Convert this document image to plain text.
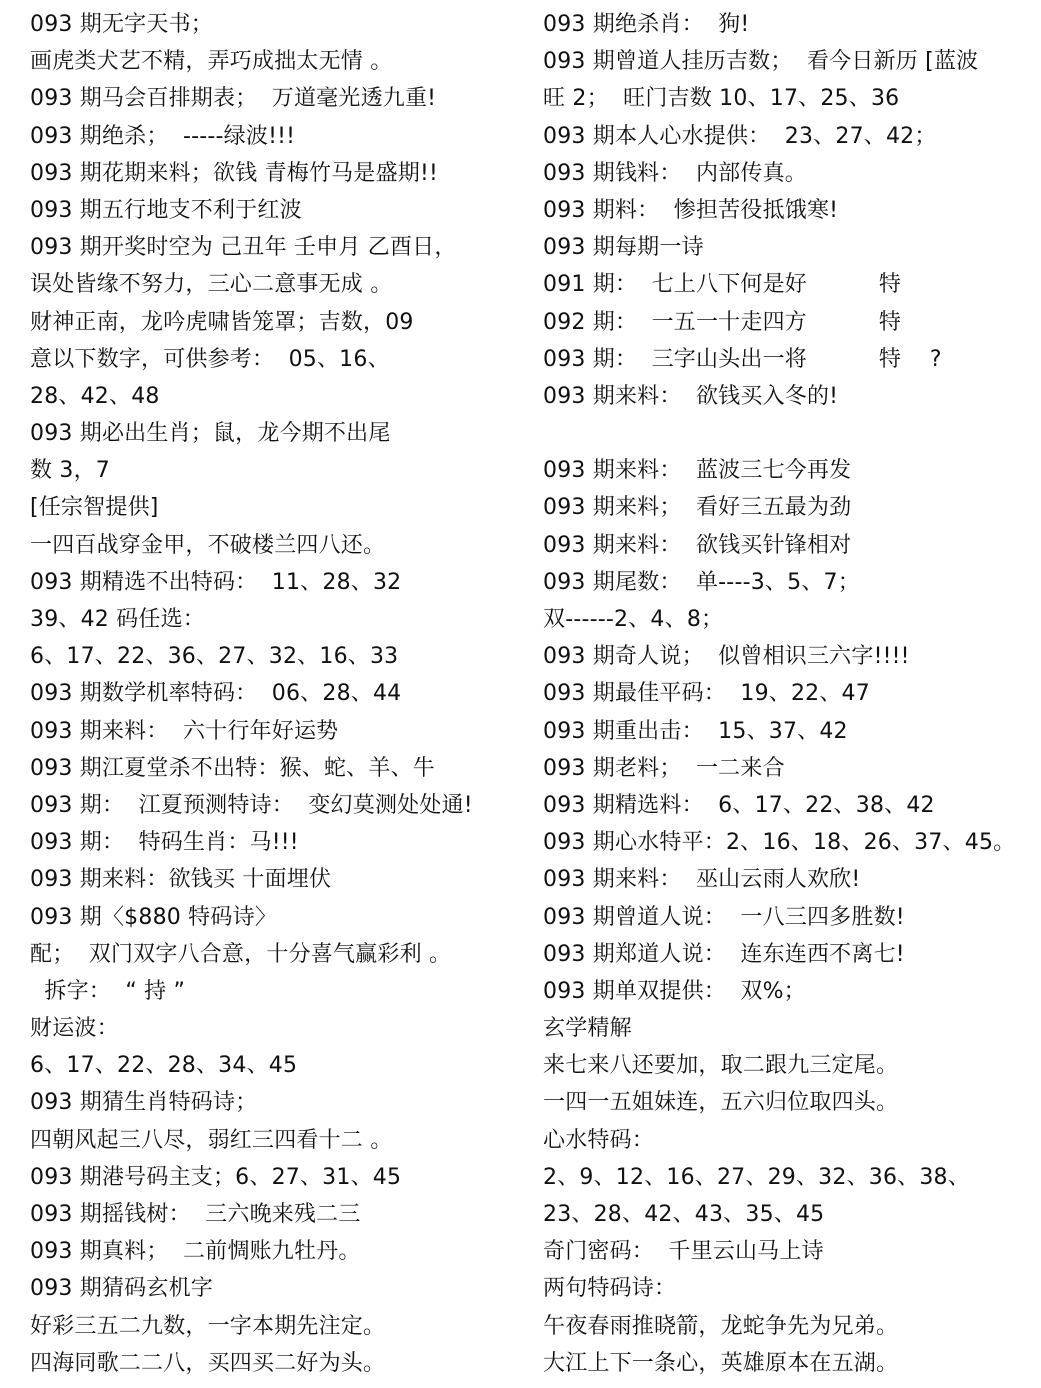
093 期无字天书；
画虎类犬艺不精，弄巧成拙太无情 。
093 期马会百排期表；  万道毫光透九重!
093 期绝杀；  -----绿波!!!
093 期花期来料；欲钱 青梅竹马是盛期!!
093 期五行地支不利于红波
093 期开奖时空为 己丑年 壬申月 乙酉日，
误处皆缘不努力，三心二意事无成 。
财神正南，龙吟虎啸皆笼罩；吉数，09
意以下数字，可供参考：  05、16、
28、42、48
093 期必出生肖；鼠，龙今期不出尾
数 3，7
[任宗智提供]
一四百战穿金甲，不破楼兰四八还。
093 期精选不出特码：  11、28、32
39、42 码任选：
6、17、22、36、27、32、16、33
093 期数学机率特码：  06、28、44
093 期来料：  六十行年好运势
093 期江夏堂杀不出特：猴、蛇、羊、牛
093 期：  江夏预测特诗：  变幻莫测处处通!
093 期：  特码生肖：马!!!
093 期来料：欲钱买 十面埋伏
093 期〈$880 特码诗〉
配；  双门双字八合意，十分喜气赢彩利 。
拆字：  “ 持 ”
财运波：
6、17、22、28、34、45
093 期猜生肖特码诗；
四朝风起三八尽，弱红三四看十二 。
093 期港号码主支；6、27、31、45
093 期摇钱树：  三六晚来残二三
093 期真料；  二前惆账九牡丹。
093 期猜码玄机字
好彩三五二九数，一字本期先注定。
四海同歌二二八，买四买二好为头。
093 期绝杀肖：  狗!
093 期曾道人挂历吉数；  看今日新历 [蓝波
旺 2；  旺门吉数 10、17、25、36
093 期本人心水提供：  23、27、42；
093 期钱料：  内部传真。
093 期料：  惨担苦役抵饿寒!
093 期每期一诗
091 期：  七上八下何是好          特
092 期：  一五一十走四方          特
093 期：  三字山头出一将          特    ?
093 期来料：  欲钱买入冬的!
093 期来料：  蓝波三七今再发
093 期来料；  看好三五最为劲
093 期来料：  欲钱买针锋相对
093 期尾数：  单----3、5、7；
双------2、4、8；
093 期奇人说；  似曾相识三六字!!!!
093 期最佳平码：  19、22、47
093 期重出击：  15、37、42
093 期老料；  一二来合
093 期精选料：  6、17、22、38、42
093 期心水特平：2、16、18、26、37、45。
093 期来料：  巫山云雨人欢欣!
093 期曾道人说：  一八三四多胜数!
093 期郑道人说：  连东连西不离七!
093 期单双提供：  双%；
玄学精解
来七来八还要加，取二跟九三定尾。
一四一五姐妹连，五六归位取四头。
心水特码：
2、9、12、16、27、29、32、36、38、
23、28、42、43、35、45
奇门密码：  千里云山马上诗
两句特码诗：
午夜春雨推晓箭，龙蛇争先为兄弟。
大江上下一条心，英雄原本在五湖。
